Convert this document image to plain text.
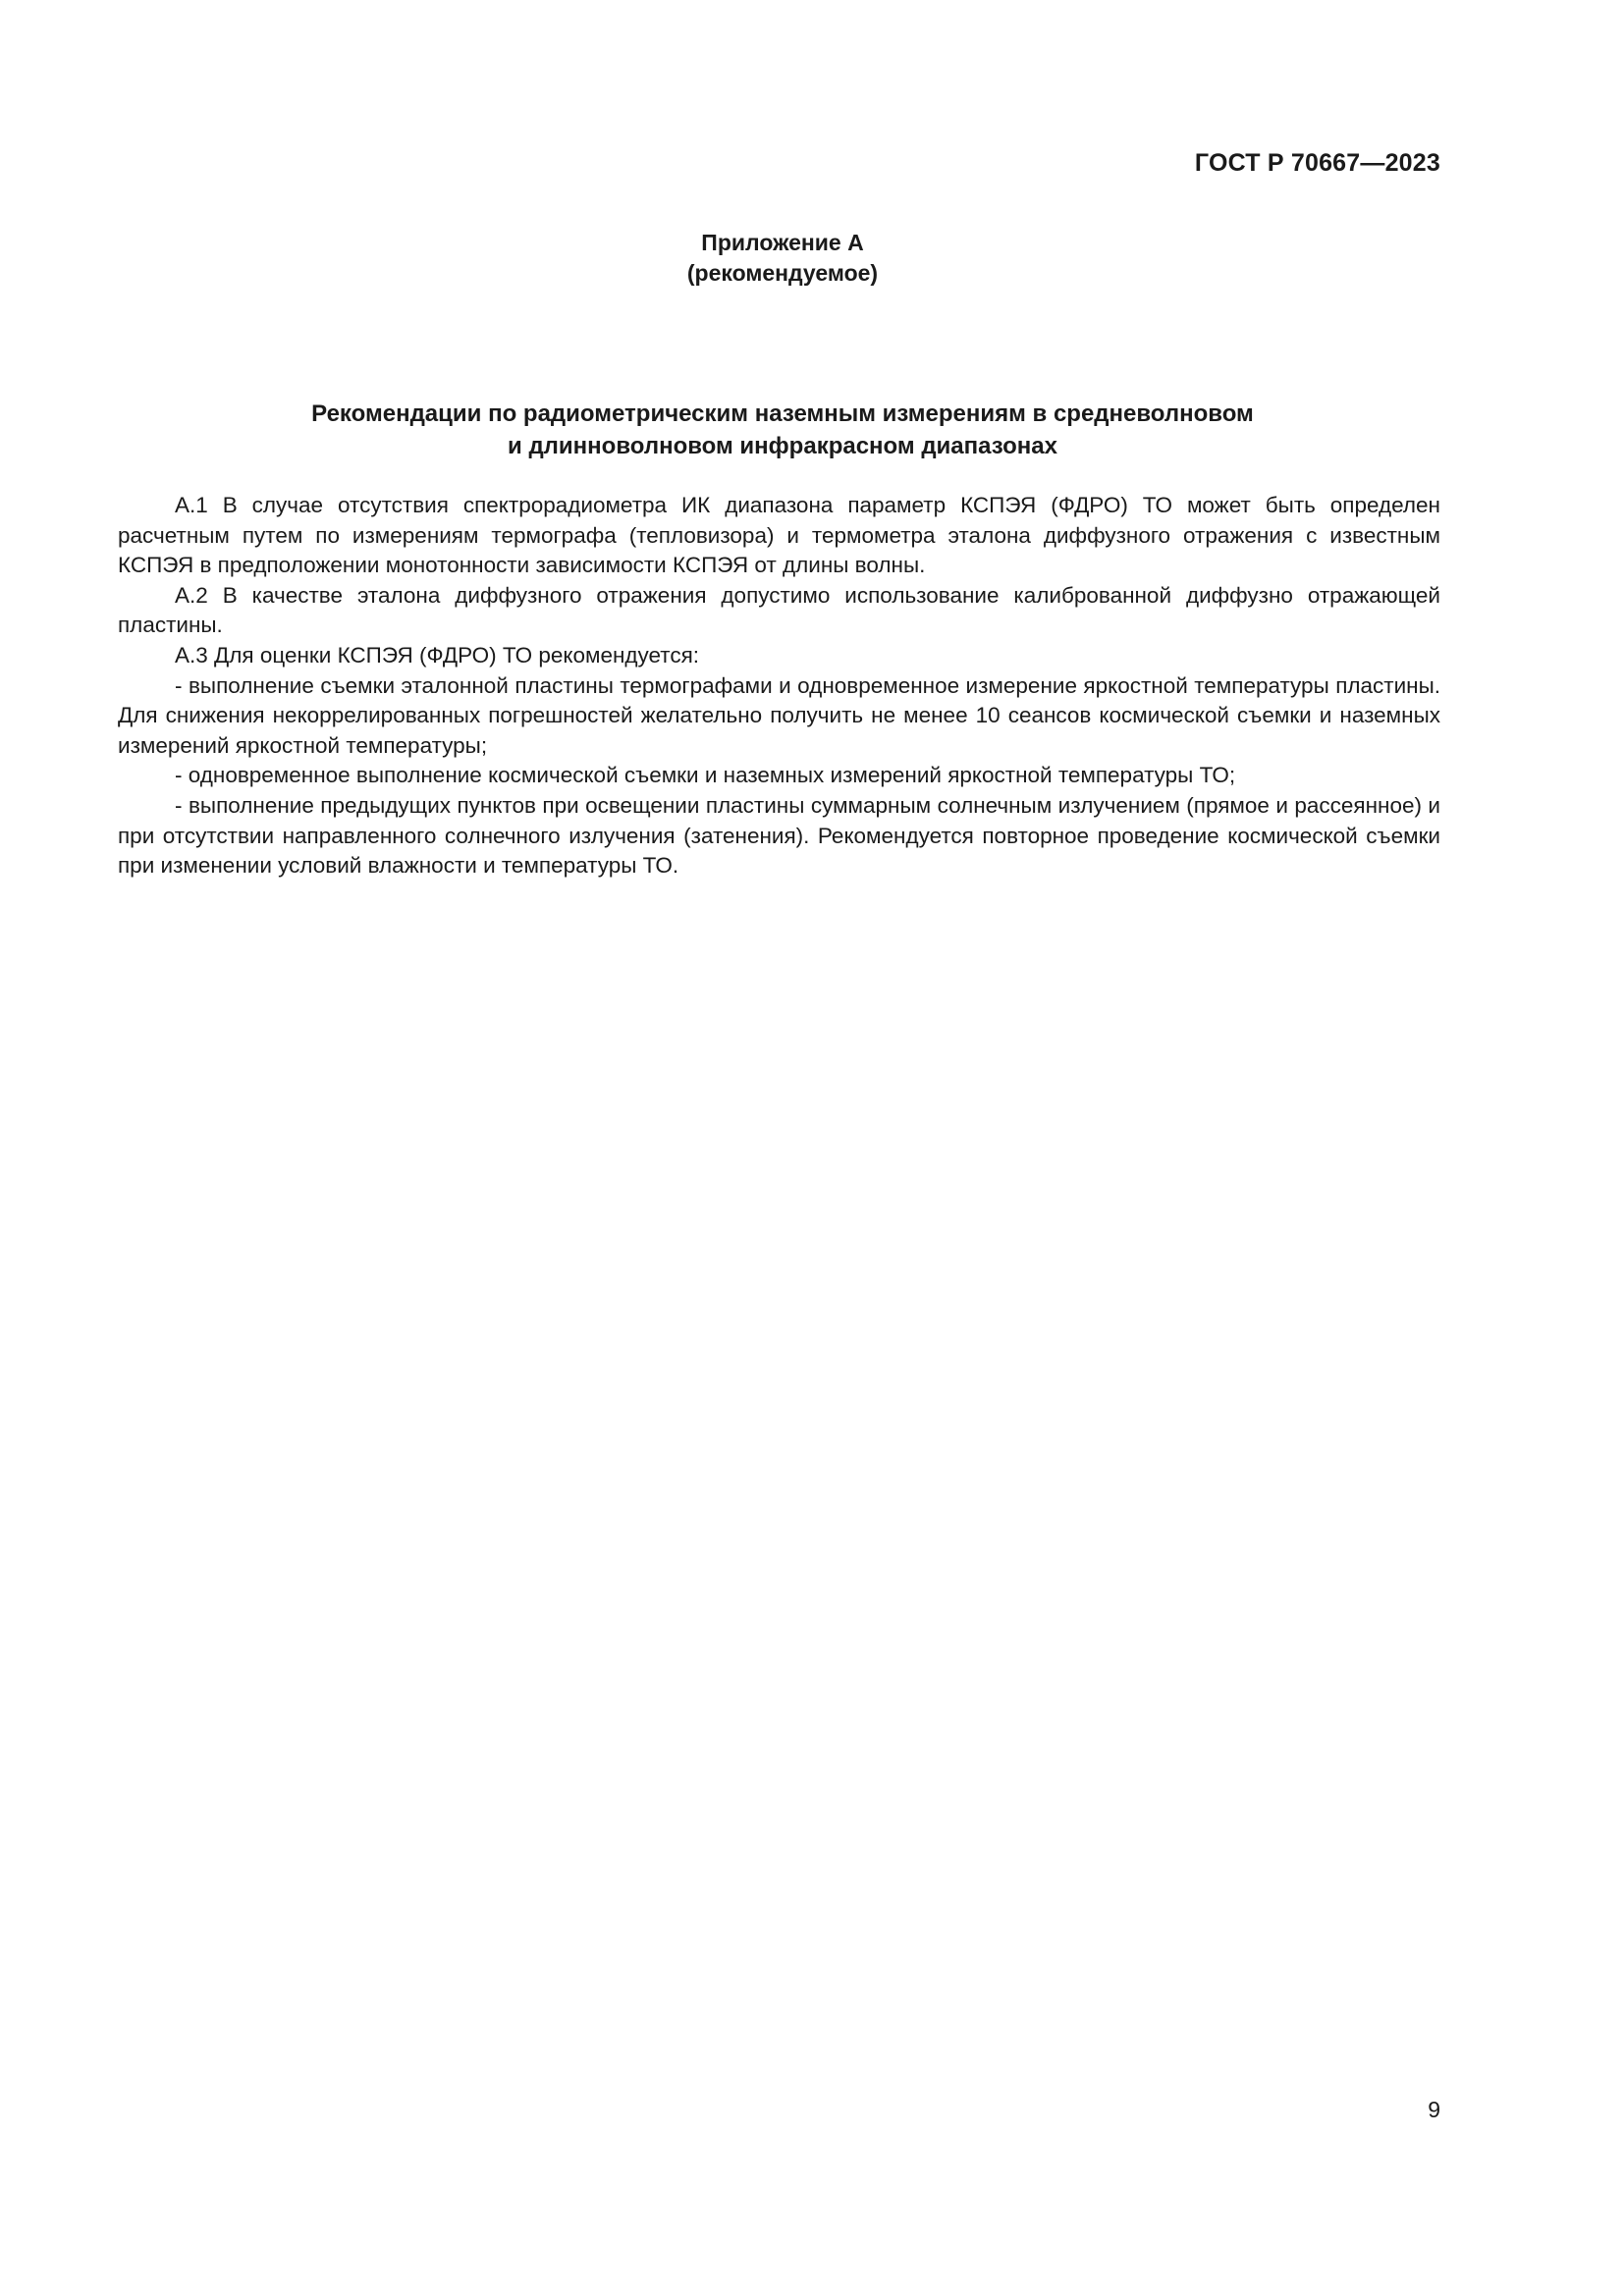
ГОСТ Р 70667—2023
Приложение А
(рекомендуемое)
Рекомендации по радиометрическим наземным измерениям в средневолновом
и длинноволновом инфракрасном диапазонах

А.1 В случае отсутствия спектрорадиометра ИК диапазона параметр КСПЭЯ (ФДРО) ТО может быть определен расчетным путем по измерениям термографа (тепловизора) и термометра эталона диффузного отражения с известным КСПЭЯ в предположении монотонности зависимости КСПЭЯ от длины волны.

А.2 В качестве эталона диффузного отражения допустимо использование калиброванной диффузно отражающей пластины.

А.3 Для оценки КСПЭЯ (ФДРО) ТО рекомендуется:

- выполнение съемки эталонной пластины термографами и одновременное измерение яркостной температуры пластины. Для снижения некоррелированных погрешностей желательно получить не менее 10 сеансов космической съемки и наземных измерений яркостной температуры;

- одновременное выполнение космической съемки и наземных измерений яркостной температуры ТО;

- выполнение предыдущих пунктов при освещении пластины суммарным солнечным излучением (прямое и рассеянное) и при отсутствии направленного солнечного излучения (затенения). Рекомендуется повторное проведение космической съемки при изменении условий влажности и температуры ТО.

9
